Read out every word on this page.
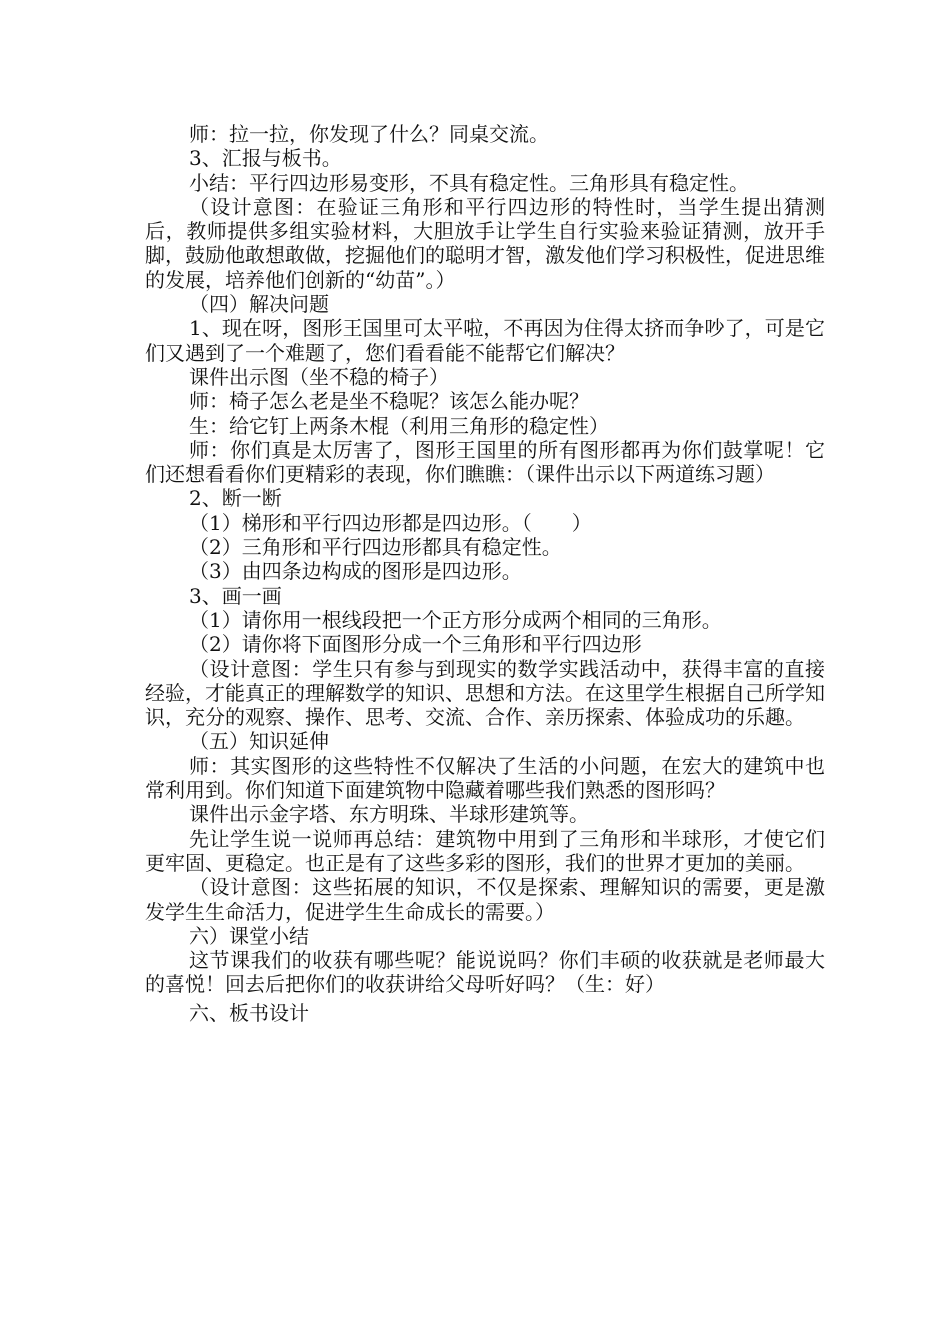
师：拉一拉，你发现了什么？同桌交流。

3、汇报与板书。

小结：平行四边形易变形，不具有稳定性。三角形具有稳定性。

（设计意图：在验证三角形和平行四边形的特性时，当学生提出猜测后，教师提供多组实验材料，大胆放手让学生自行实验来验证猜测，放开手脚，鼓励他敢想敢做，挖掘他们的聪明才智，激发他们学习积极性，促进思维的发展，培养他们创新的“幼苗”。）

（四）解决问题

1、现在呀，图形王国里可太平啦，不再因为住得太挤而争吵了，可是它们又遇到了一个难题了，您们看看能不能帮它们解决？

课件出示图（坐不稳的椅子）

师：椅子怎么老是坐不稳呢？该怎么能办呢？

生：给它钉上两条木棍（利用三角形的稳定性）

师：你们真是太厉害了，图形王国里的所有图形都再为你们鼓掌呢！它们还想看看你们更精彩的表现，你们瞧瞧：（课件出示以下两道练习题）

2、断一断

（1）梯形和平行四边形都是四边形。（　　）

（2）三角形和平行四边形都具有稳定性。

（3）由四条边构成的图形是四边形。

3、画一画

（1）请你用一根线段把一个正方形分成两个相同的三角形。

（2）请你将下面图形分成一个三角形和平行四边形

（设计意图：学生只有参与到现实的数学实践活动中，获得丰富的直接经验，才能真正的理解数学的知识、思想和方法。在这里学生根据自己所学知识，充分的观察、操作、思考、交流、合作、亲历探索、体验成功的乐趣。

（五）知识延伸

师：其实图形的这些特性不仅解决了生活的小问题，在宏大的建筑中也常利用到。你们知道下面建筑物中隐藏着哪些我们熟悉的图形吗？

课件出示金字塔、东方明珠、半球形建筑等。

先让学生说一说师再总结：建筑物中用到了三角形和半球形，才使它们更牢固、更稳定。也正是有了这些多彩的图形，我们的世界才更加的美丽。

（设计意图：这些拓展的知识，不仅是探索、理解知识的需要，更是激发学生生命活力，促进学生生命成长的需要。）

六）课堂小结

这节课我们的收获有哪些呢？能说说吗？你们丰硕的收获就是老师最大的喜悦！回去后把你们的收获讲给父母听好吗？（生：好）

六、板书设计
